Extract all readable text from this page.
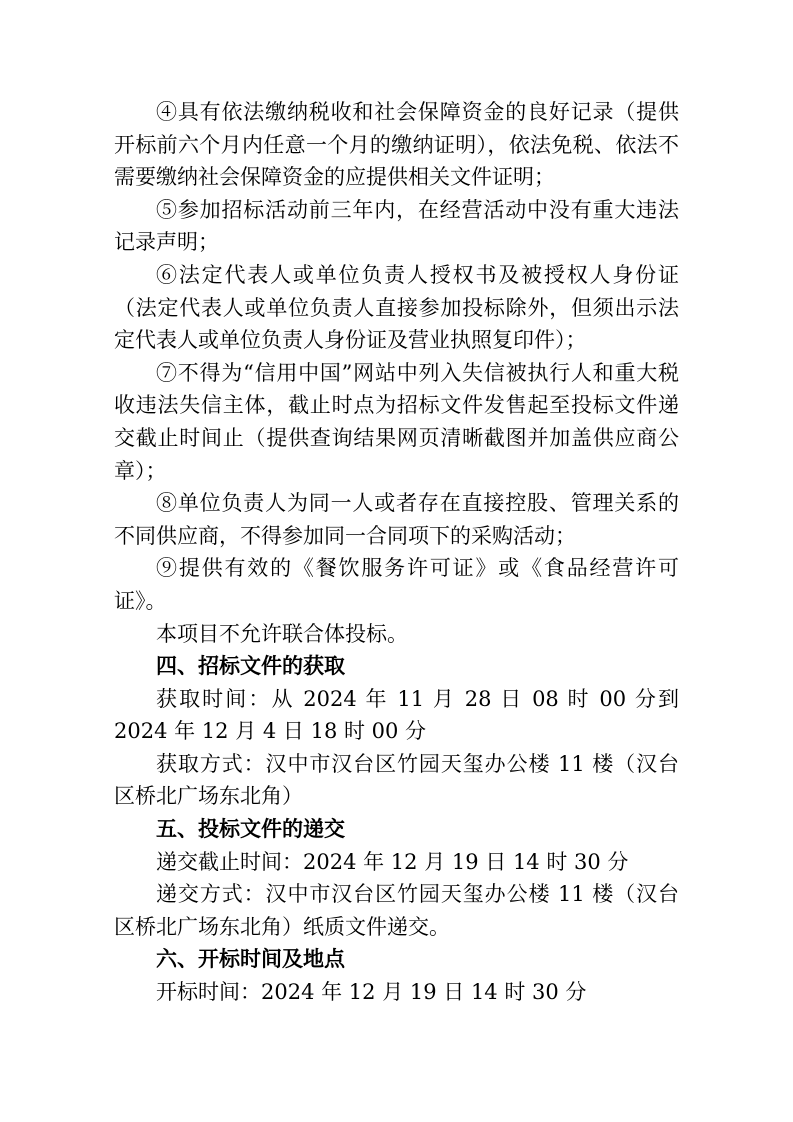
④具有依法缴纳税收和社会保障资金的良好记录（提供开标前六个月内任意一个月的缴纳证明），依法免税、依法不需要缴纳社会保障资金的应提供相关文件证明；

⑤参加招标活动前三年内，在经营活动中没有重大违法记录声明；

⑥法定代表人或单位负责人授权书及被授权人身份证（法定代表人或单位负责人直接参加投标除外，但须出示法定代表人或单位负责人身份证及营业执照复印件）；

⑦不得为“信用中国”网站中列入失信被执行人和重大税收违法失信主体，截止时点为招标文件发售起至投标文件递交截止时间止（提供查询结果网页清晰截图并加盖供应商公章）；

⑧单位负责人为同一人或者存在直接控股、管理关系的不同供应商，不得参加同一合同项下的采购活动；

⑨提供有效的《餐饮服务许可证》或《食品经营许可证》。

本项目不允许联合体投标。

四、招标文件的获取

获取时间：从 2024 年 11 月 28 日 08 时 00 分到 2024 年 12 月 4 日 18 时 00 分

获取方式：汉中市汉台区竹园天玺办公楼 11 楼（汉台区桥北广场东北角）

五、投标文件的递交

递交截止时间：2024 年 12 月 19 日 14 时 30 分

递交方式：汉中市汉台区竹园天玺办公楼 11 楼（汉台区桥北广场东北角）纸质文件递交。

六、开标时间及地点

开标时间：2024 年 12 月 19 日 14 时 30 分
